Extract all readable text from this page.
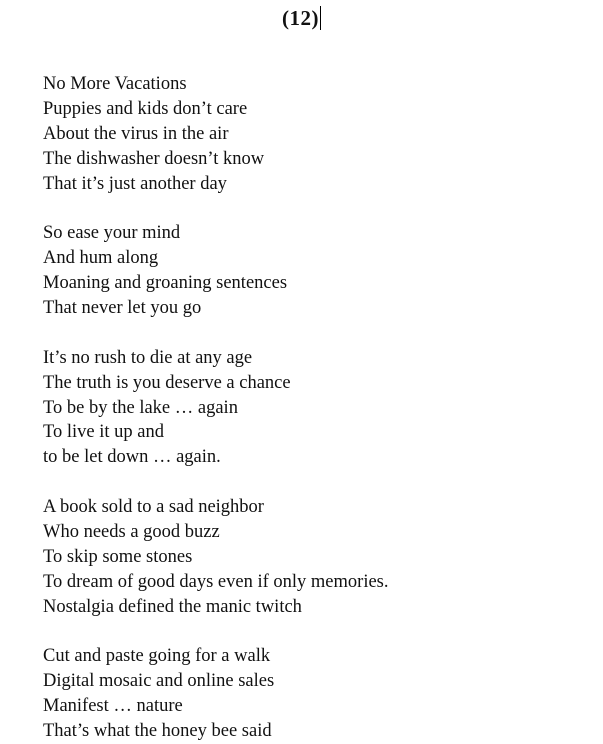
(12)
No More Vacations
Puppies and kids don’t care
About the virus in the air
The dishwasher doesn’t know
That it’s just another day
So ease your mind
And hum along
Moaning and groaning sentences
That never let you go
It’s no rush to die at any age
The truth is you deserve a chance
To be by the lake … again
To live it up and
to be let down … again.
A book sold to a sad neighbor
Who needs a good buzz
To skip some stones
To dream of good days even if only memories.
Nostalgia defined the manic twitch
Cut and paste going for a walk
Digital mosaic and online sales
Manifest … nature
That’s what the honey bee said
